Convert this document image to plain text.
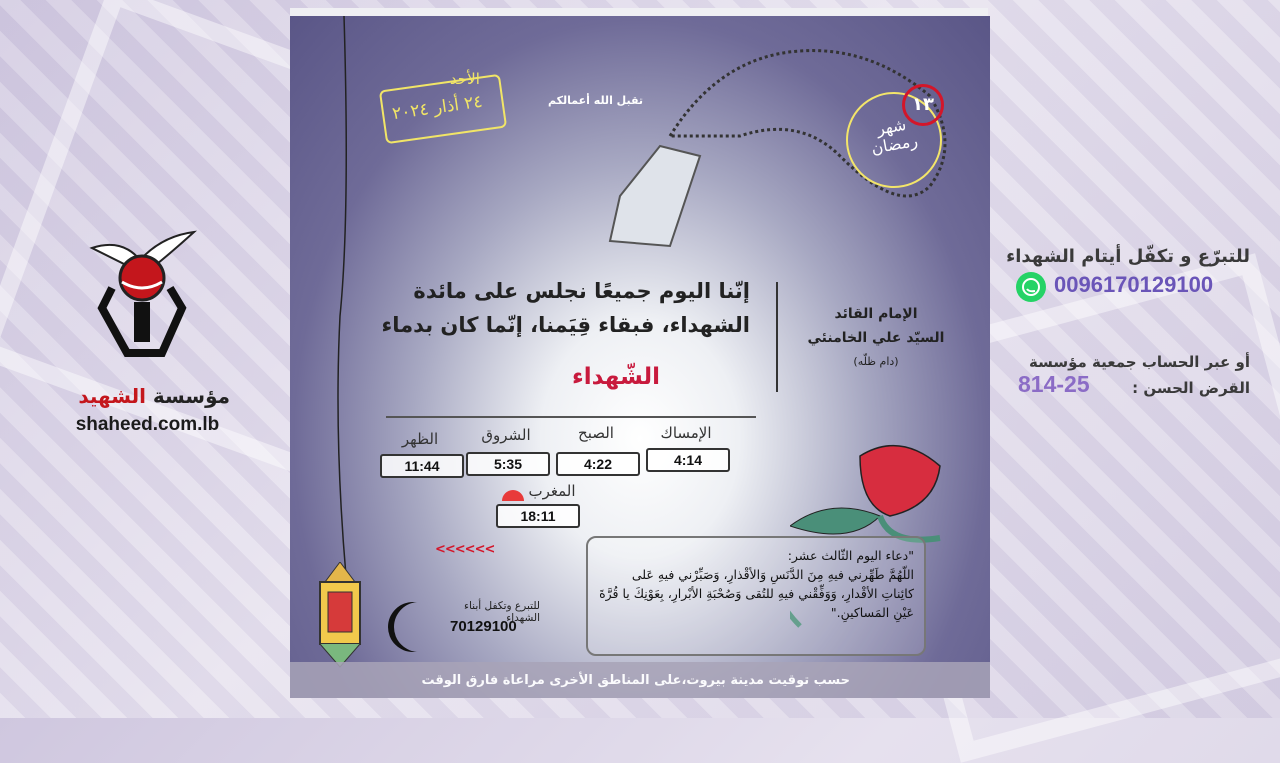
مؤسسة الشهيد
shaheed.com.lb
للتبرّع و تكفّل أيتام الشهداء
0096170129100
أو عبر الحساب جمعية مؤسسة
القرض الحسن :
814-25
الأحد
٢٤ أذار ٢٠٢٤	تقبل الله أعمالكم	١٣
شهر رمضان
إنّنا اليوم جميعًا نجلس على مائدة الشهداء، فبقاء قِيَمنا، إنّما كان بدماء
الشّهداء
الإمام القائد
السيّد علي الخامنئي
(دام ظلّه)
الإمساك
4:14
الصبح
4:22
الشروق
5:35
الظهر
11:44
المغرب
18:11
<<<<<<	"دعاء اليوم الثّالث عشر:
اللّهُمَّ طَهِّرني فيهِ مِنَ الدَّنَسِ وَالأقْذارِ، وَصَبِّرْني فيهِ عَلى كائِناتِ الأقْدارِ، وَوَفِّقْني فيهِ للتُقى وَصُحْبَةِ الأبْرارِ، بِعَوْنِكَ يا قُرَّةَ عَيْنِ المَساكينِ."
للتبرع وتكفل أبناء الشهداء
70129100
حسب توقيت مدينة بيروت،على المناطق الأخرى مراعاة فارق الوقت
